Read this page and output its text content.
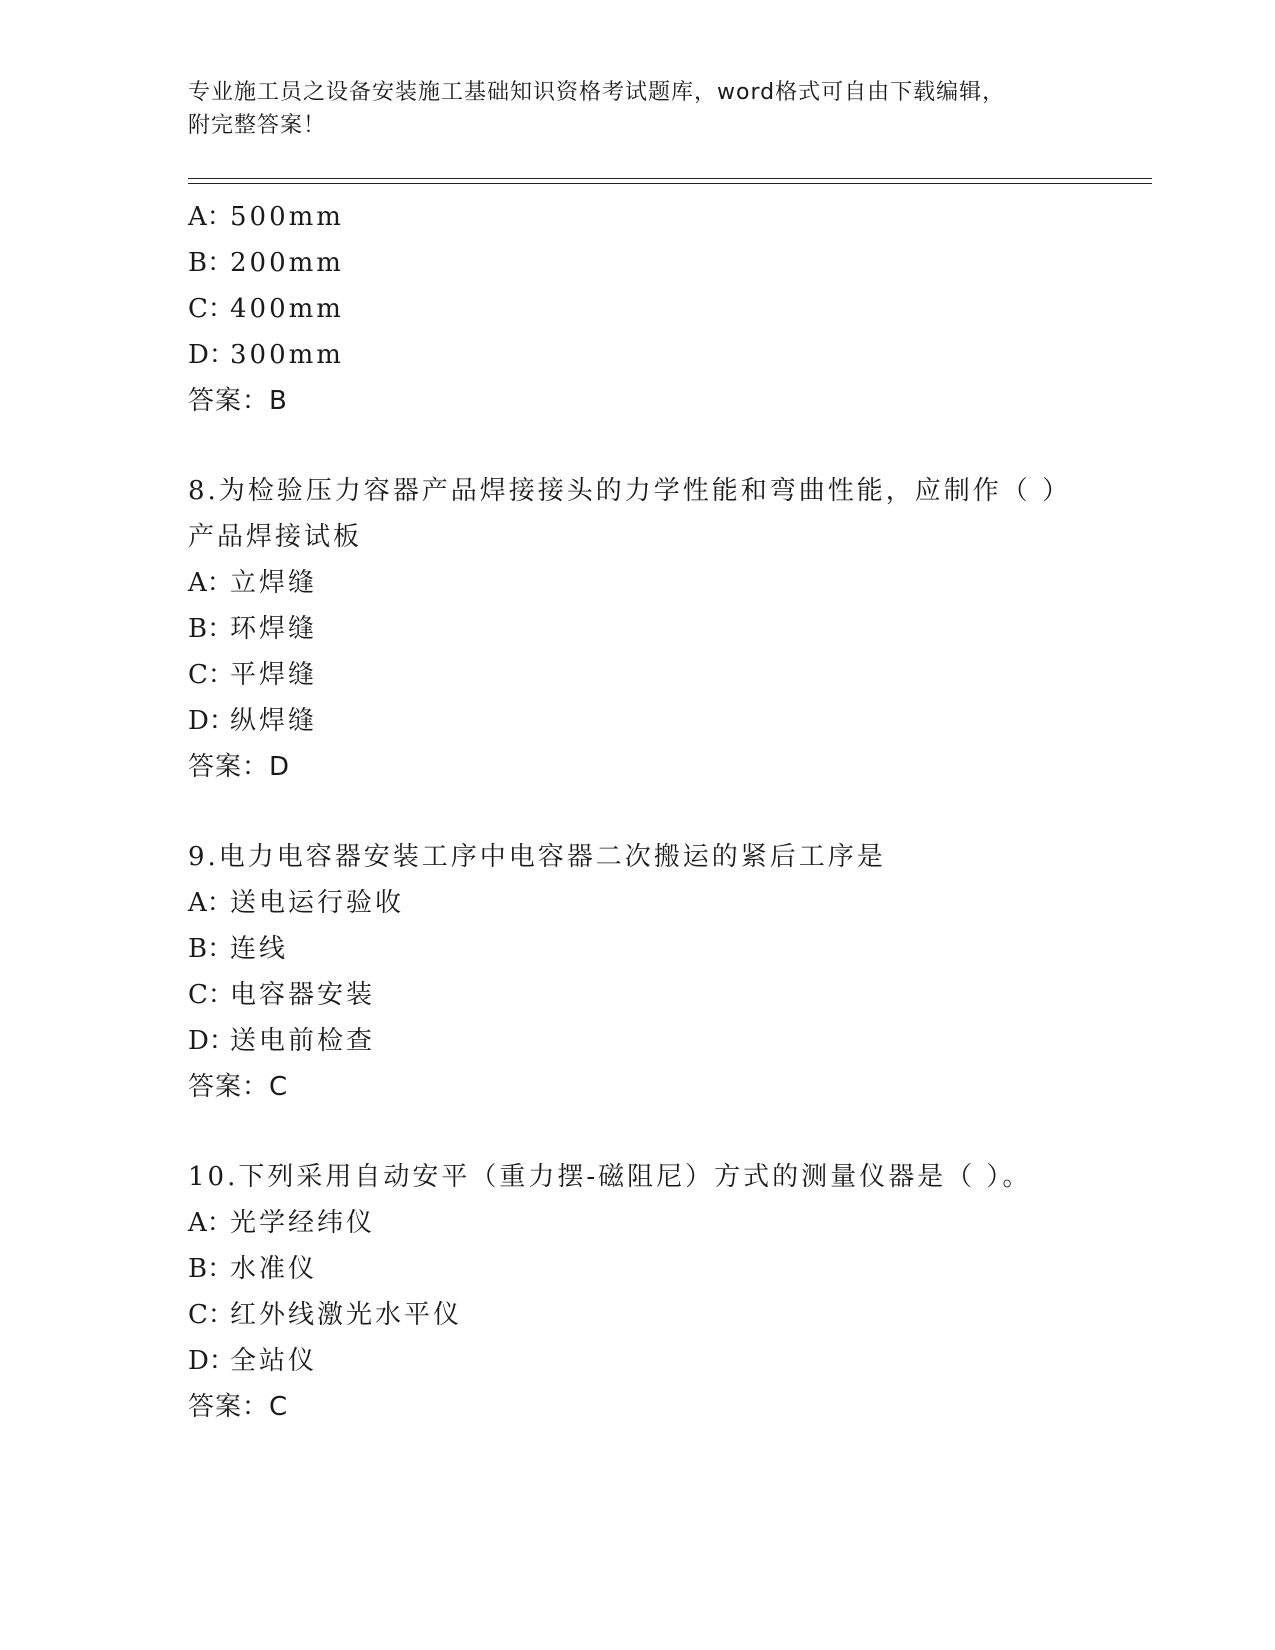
专业施工员之设备安装施工基础知识资格考试题库，word格式可自由下载编辑，
附完整答案！
A：500mm
B：200mm
C：400mm
D：300mm
答案：B
8.为检验压力容器产品焊接接头的力学性能和弯曲性能，应制作（ ）
产品焊接试板
A：立焊缝
B：环焊缝
C：平焊缝
D：纵焊缝
答案：D
9.电力电容器安装工序中电容器二次搬运的紧后工序是
A：送电运行验收
B：连线
C：电容器安装
D：送电前检查
答案：C
10.下列采用自动安平（重力摆-磁阻尼）方式的测量仪器是（ ）。
A：光学经纬仪
B：水准仪
C：红外线激光水平仪
D：全站仪
答案：C
